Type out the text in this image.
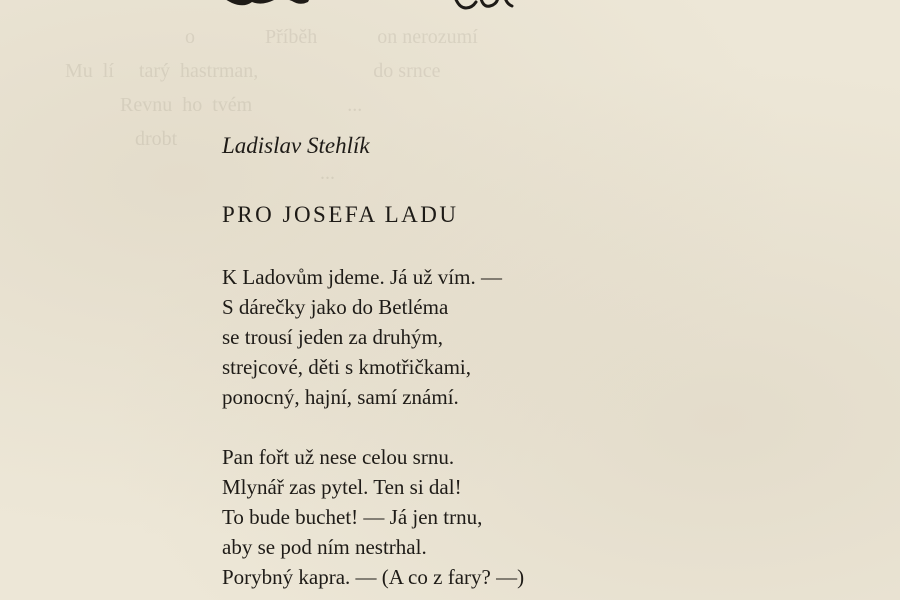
o              Příběh            on nerozumí
Mu  lí     tarý  hastrman,                       do srnce
Revnu  ho  tvém                   ...
drobt                  ...
...

Ladislav Stehlík

PRO JOSEFA LADU
K Ladovům jdeme. Já už vím. —
S dárečky jako do Betléma
se trousí jeden za druhým,
strejcové, děti s kmotřičkami,
ponocný, hajní, samí známí.
Pan fořt už nese celou srnu.
Mlynář zas pytel. Ten si dal!
To bude buchet! — Já jen trnu,
aby se pod ním nestrhal.
Porybný kapra. — (A co z fary? —)
